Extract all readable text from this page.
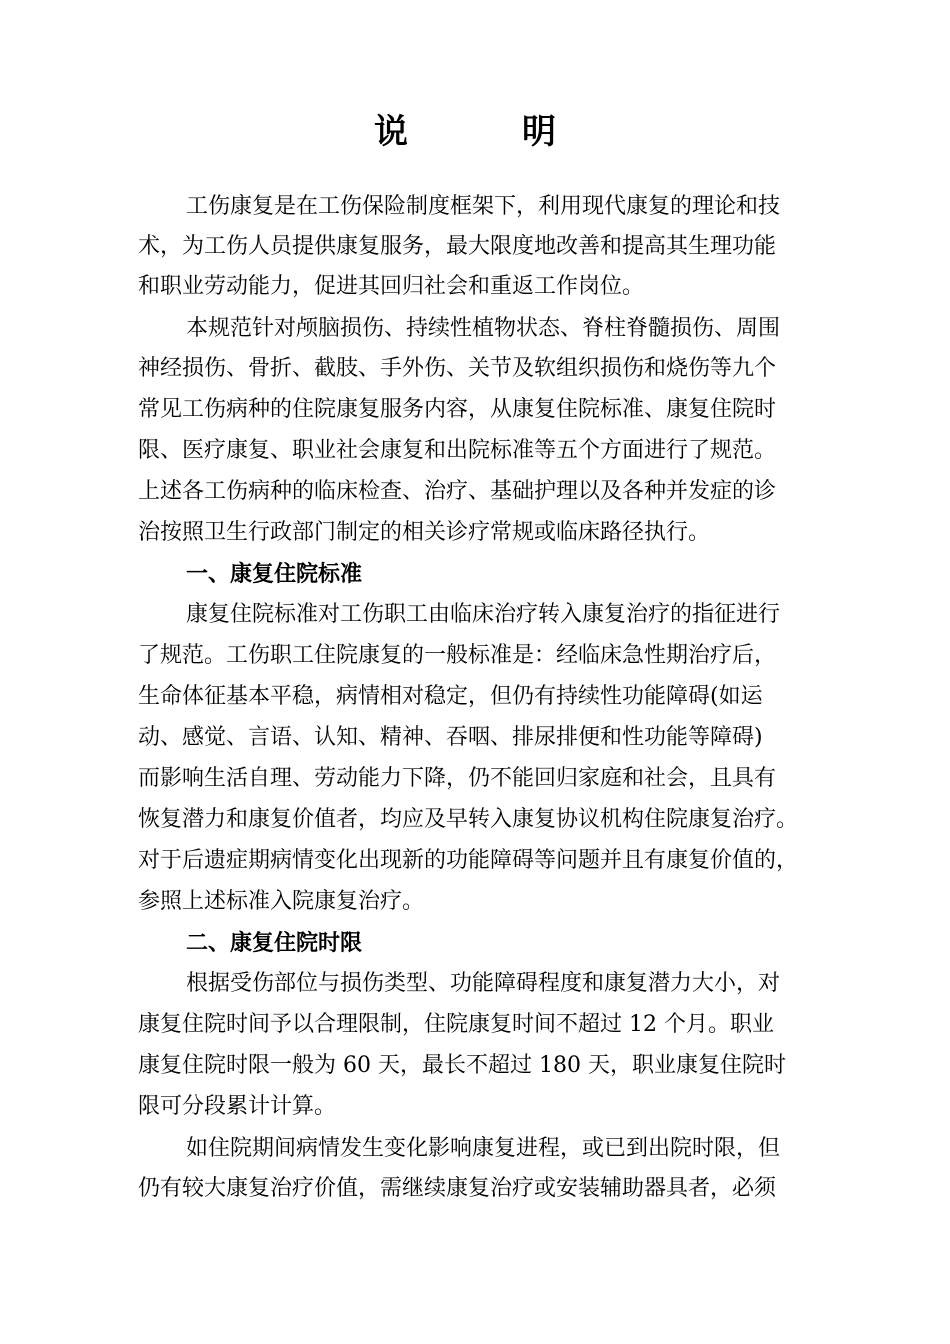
说　明
工伤康复是在工伤保险制度框架下，利用现代康复的理论和技
术，为工伤人员提供康复服务，最大限度地改善和提高其生理功能
和职业劳动能力，促进其回归社会和重返工作岗位。
本规范针对颅脑损伤、持续性植物状态、脊柱脊髓损伤、周围
神经损伤、骨折、截肢、手外伤、关节及软组织损伤和烧伤等九个
常见工伤病种的住院康复服务内容，从康复住院标准、康复住院时
限、医疗康复、职业社会康复和出院标准等五个方面进行了规范。
上述各工伤病种的临床检查、治疗、基础护理以及各种并发症的诊
治按照卫生行政部门制定的相关诊疗常规或临床路径执行。
一、康复住院标准
康复住院标准对工伤职工由临床治疗转入康复治疗的指征进行
了规范。工伤职工住院康复的一般标准是：经临床急性期治疗后，
生命体征基本平稳，病情相对稳定，但仍有持续性功能障碍(如运
动、感觉、言语、认知、精神、吞咽、排尿排便和性功能等障碍)
而影响生活自理、劳动能力下降，仍不能回归家庭和社会，且具有
恢复潜力和康复价值者，均应及早转入康复协议机构住院康复治疗。
对于后遗症期病情变化出现新的功能障碍等问题并且有康复价值的，
参照上述标准入院康复治疗。
二、康复住院时限
根据受伤部位与损伤类型、功能障碍程度和康复潜力大小，对
康复住院时间予以合理限制，住院康复时间不超过 12 个月。职业
康复住院时限一般为 60 天，最长不超过 180 天，职业康复住院时
限可分段累计计算。
如住院期间病情发生变化影响康复进程，或已到出院时限，但
仍有较大康复治疗价值，需继续康复治疗或安装辅助器具者，必须
